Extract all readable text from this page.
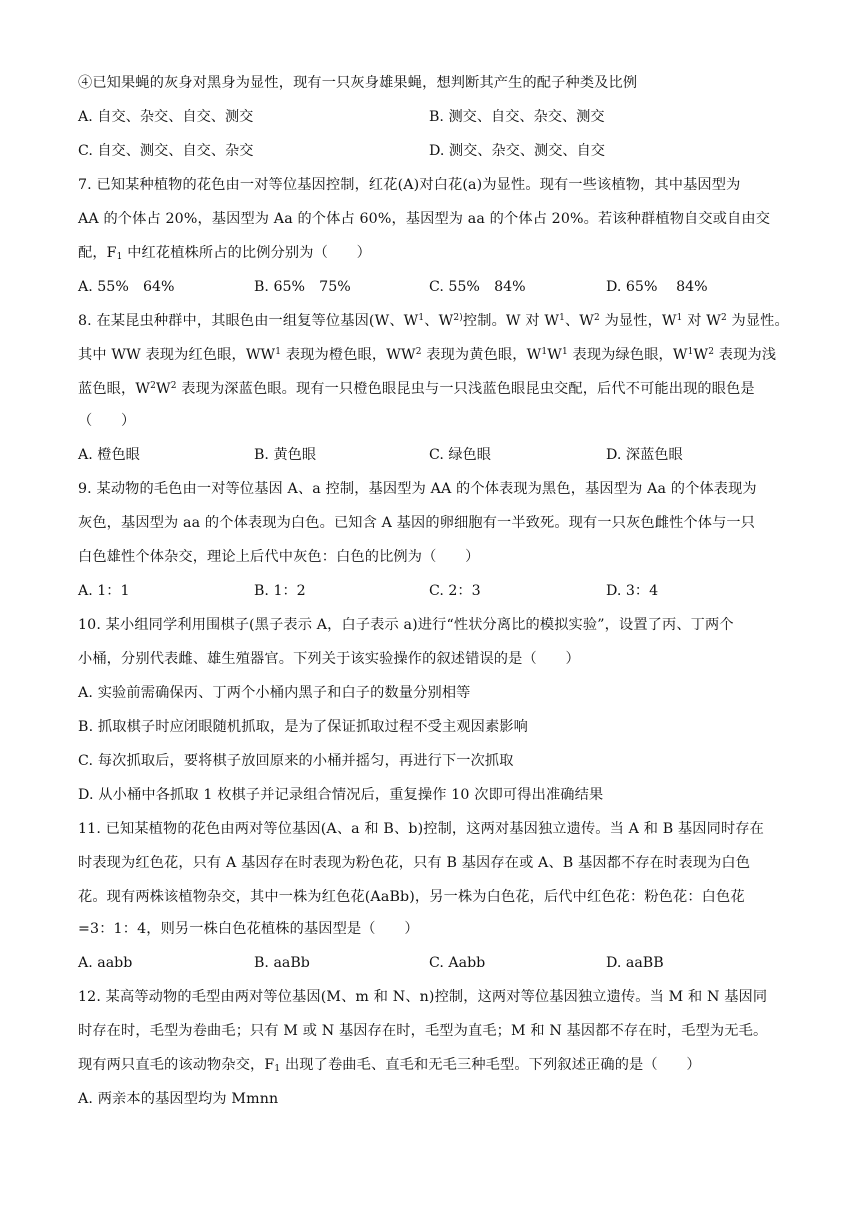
④已知果蝇的灰身对黑身为显性，现有一只灰身雄果蝇，想判断其产生的配子种类及比例
A. 自交、杂交、自交、测交	B. 测交、自交、杂交、测交
C. 自交、测交、自交、杂交	D. 测交、杂交、测交、自交
7. 已知某种植物的花色由一对等位基因控制，红花(A)对白花(a)为显性。现有一些该植物，其中基因型为
AA 的个体占 20%，基因型为 Aa 的个体占 60%，基因型为 aa 的个体占 20%。若该种群植物自交或自由交
配，$F_1$ 中红花植株所占的比例分别为（　　）
A. 55%　64%	B. 65%　75%	C. 55%　84%	D. 65%　 84%
8. 在某昆虫种群中，其眼色由一组复等位基因(W、$W^1$、$W^{2)}$控制。W 对 $W^1$、$W^2$ 为显性，$W^1$ 对 $W^2$ 为显性。
其中 WW 表现为红色眼，$WW^1$ 表现为橙色眼，$WW^2$ 表现为黄色眼，$W^1W^1$ 表现为绿色眼，$W^1W^2$ 表现为浅
蓝色眼，$W^2W^2$ 表现为深蓝色眼。现有一只橙色眼昆虫与一只浅蓝色眼昆虫交配，后代不可能出现的眼色是
（　　）
A. 橙色眼	B. 黄色眼	C. 绿色眼	D. 深蓝色眼
9. 某动物的毛色由一对等位基因 A、a 控制，基因型为 AA 的个体表现为黑色，基因型为 Aa 的个体表现为
灰色，基因型为 aa 的个体表现为白色。已知含 A 基因的卵细胞有一半致死。现有一只灰色雌性个体与一只
白色雄性个体杂交，理论上后代中灰色：白色的比例为（　　）
A. 1：1	B. 1：2	C. 2：3	D. 3：4
10. 某小组同学利用围棋子(黑子表示 A，白子表示 a)进行“性状分离比的模拟实验”，设置了丙、丁两个
小桶，分别代表雌、雄生殖器官。下列关于该实验操作的叙述错误的是（　　）
A. 实验前需确保丙、丁两个小桶内黑子和白子的数量分别相等
B. 抓取棋子时应闭眼随机抓取，是为了保证抓取过程不受主观因素影响
C. 每次抓取后，要将棋子放回原来的小桶并摇匀，再进行下一次抓取
D. 从小桶中各抓取 1 枚棋子并记录组合情况后，重复操作 10 次即可得出准确结果
11. 已知某植物的花色由两对等位基因(A、a 和 B、b)控制，这两对基因独立遗传。当 A 和 B 基因同时存在
时表现为红色花，只有 A 基因存在时表现为粉色花，只有 B 基因存在或 A、B 基因都不存在时表现为白色
花。现有两株该植物杂交，其中一株为红色花(AaBb)，另一株为白色花，后代中红色花：粉色花：白色花
=3：1：4，则另一株白色花植株的基因型是（　　）
A. aabb	B. aaBb	C. Aabb	D. aaBB
12. 某高等动物的毛型由两对等位基因(M、m 和 N、n)控制，这两对等位基因独立遗传。当 M 和 N 基因同
时存在时，毛型为卷曲毛；只有 M 或 N 基因存在时，毛型为直毛；M 和 N 基因都不存在时，毛型为无毛。
现有两只直毛的该动物杂交，$F_1$ 出现了卷曲毛、直毛和无毛三种毛型。下列叙述正确的是（　　）
A. 两亲本的基因型均为 Mmnn
